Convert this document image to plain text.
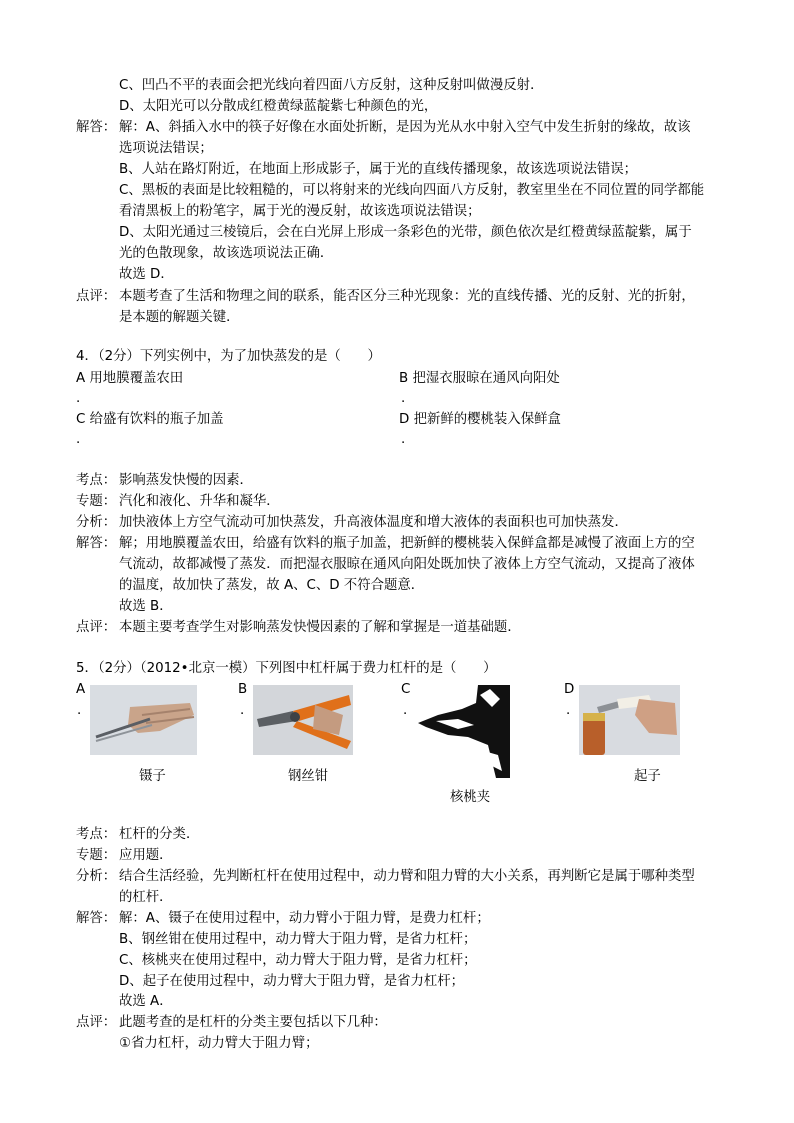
C、凹凸不平的表面会把光线向着四面八方反射，这种反射叫做漫反射．
D、太阳光可以分散成红橙黄绿蓝靛紫七种颜色的光，
解答： 解：A、斜插入水中的筷子好像在水面处折断，是因为光从水中射入空气中发生折射的缘故，故该
选项说法错误；
B、人站在路灯附近，在地面上形成影子，属于光的直线传播现象，故该选项说法错误；
C、黑板的表面是比较粗糙的，可以将射来的光线向四面八方反射，教室里坐在不同位置的同学都能
看清黑板上的粉笔字，属于光的漫反射，故该选项说法错误；
D、太阳光通过三棱镜后，会在白光屏上形成一条彩色的光带，颜色依次是红橙黄绿蓝靛紫，属于
光的色散现象，故该选项说法正确．
故选 D．
点评： 本题考查了生活和物理之间的联系，能否区分三种光现象：光的直线传播、光的反射、光的折射，
是本题的解题关键．
4．（2分）下列实例中，为了加快蒸发的是（　　）
A 用地膜覆盖农田	B 把湿衣服晾在通风向阳处
.	.
C 给盛有饮料的瓶子加盖	D 把新鲜的樱桃装入保鲜盒
.	.
考点： 影响蒸发快慢的因素．
专题： 汽化和液化、升华和凝华．
分析： 加快液体上方空气流动可加快蒸发，升高液体温度和增大液体的表面积也可加快蒸发．
解答： 解；用地膜覆盖农田，给盛有饮料的瓶子加盖，把新鲜的樱桃装入保鲜盒都是减慢了液面上方的空
气流动，故都减慢了蒸发．而把湿衣服晾在通风向阳处既加快了液体上方空气流动，又提高了液体
的温度，故加快了蒸发，故 A、C、D 不符合题意．
故选 B．
点评： 本题主要考查学生对影响蒸发快慢因素的了解和掌握是一道基础题．
5．（2分）（2012•北京一模）下列图中杠杆属于费力杠杆的是（　　）
A
.
镊子
B
.
钢丝钳
C
.
核桃夹
D
.
起子
考点： 杠杆的分类．
专题： 应用题．
分析： 结合生活经验，先判断杠杆在使用过程中，动力臂和阻力臂的大小关系，再判断它是属于哪种类型
的杠杆．
解答： 解：A、镊子在使用过程中，动力臂小于阻力臂，是费力杠杆；
B、钢丝钳在使用过程中，动力臂大于阻力臂，是省力杠杆；
C、核桃夹在使用过程中，动力臂大于阻力臂，是省力杠杆；
D、起子在使用过程中，动力臂大于阻力臂，是省力杠杆；
故选 A．
点评： 此题考查的是杠杆的分类主要包括以下几种：
①省力杠杆，动力臂大于阻力臂；
